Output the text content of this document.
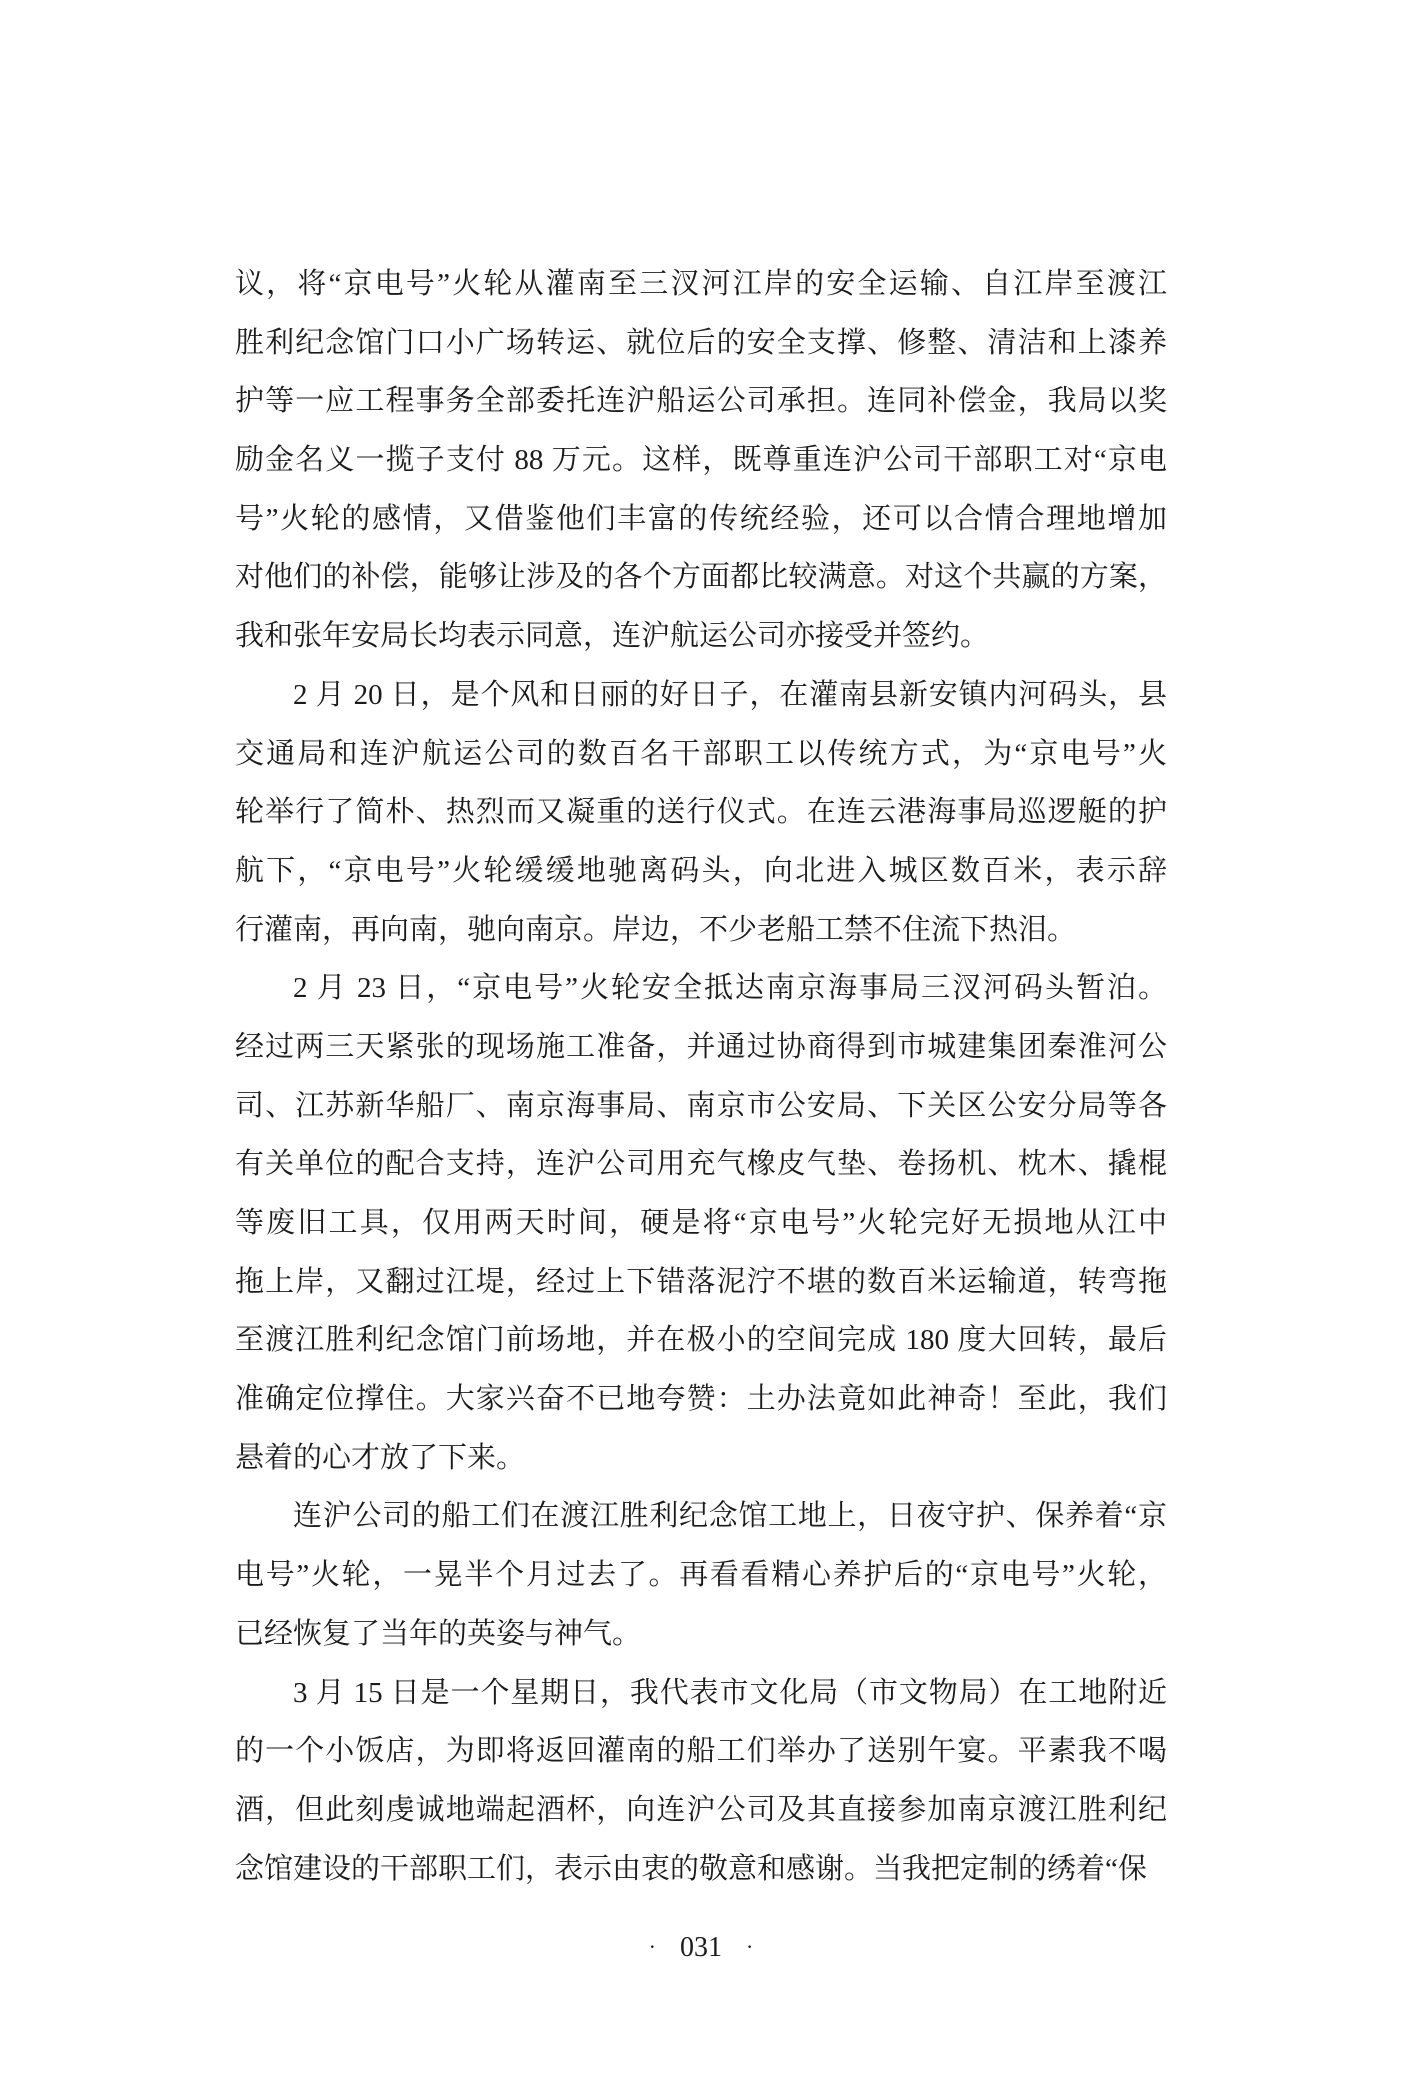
议，将“京电号”火轮从灌南至三汊河江岸的安全运输、自江岸至渡江
胜利纪念馆门口小广场转运、就位后的安全支撑、修整、清洁和上漆养
护等一应工程事务全部委托连沪船运公司承担。连同补偿金，我局以奖
励金名义一揽子支付 88 万元。这样，既尊重连沪公司干部职工对“京电
号”火轮的感情，又借鉴他们丰富的传统经验，还可以合情合理地增加
对他们的补偿，能够让涉及的各个方面都比较满意。对这个共赢的方案，
我和张年安局长均表示同意，连沪航运公司亦接受并签约。
2 月 20 日，是个风和日丽的好日子，在灌南县新安镇内河码头，县
交通局和连沪航运公司的数百名干部职工以传统方式，为“京电号”火
轮举行了简朴、热烈而又凝重的送行仪式。在连云港海事局巡逻艇的护
航下，“京电号”火轮缓缓地驰离码头，向北进入城区数百米，表示辞
行灌南，再向南，驰向南京。岸边，不少老船工禁不住流下热泪。
2 月 23 日，“京电号”火轮安全抵达南京海事局三汊河码头暂泊。
经过两三天紧张的现场施工准备，并通过协商得到市城建集团秦淮河公
司、江苏新华船厂、南京海事局、南京市公安局、下关区公安分局等各
有关单位的配合支持，连沪公司用充气橡皮气垫、卷扬机、枕木、撬棍
等废旧工具，仅用两天时间，硬是将“京电号”火轮完好无损地从江中
拖上岸，又翻过江堤，经过上下错落泥泞不堪的数百米运输道，转弯拖
至渡江胜利纪念馆门前场地，并在极小的空间完成 180 度大回转，最后
准确定位撑住。大家兴奋不已地夸赞：土办法竟如此神奇！至此，我们
悬着的心才放了下来。
连沪公司的船工们在渡江胜利纪念馆工地上，日夜守护、保养着“京
电号”火轮，一晃半个月过去了。再看看精心养护后的“京电号”火轮，
已经恢复了当年的英姿与神气。
3 月 15 日是一个星期日，我代表市文化局（市文物局）在工地附近
的一个小饭店，为即将返回灌南的船工们举办了送别午宴。平素我不喝
酒，但此刻虔诚地端起酒杯，向连沪公司及其直接参加南京渡江胜利纪
念馆建设的干部职工们，表示由衷的敬意和感谢。当我把定制的绣着“保
· 031 ·
